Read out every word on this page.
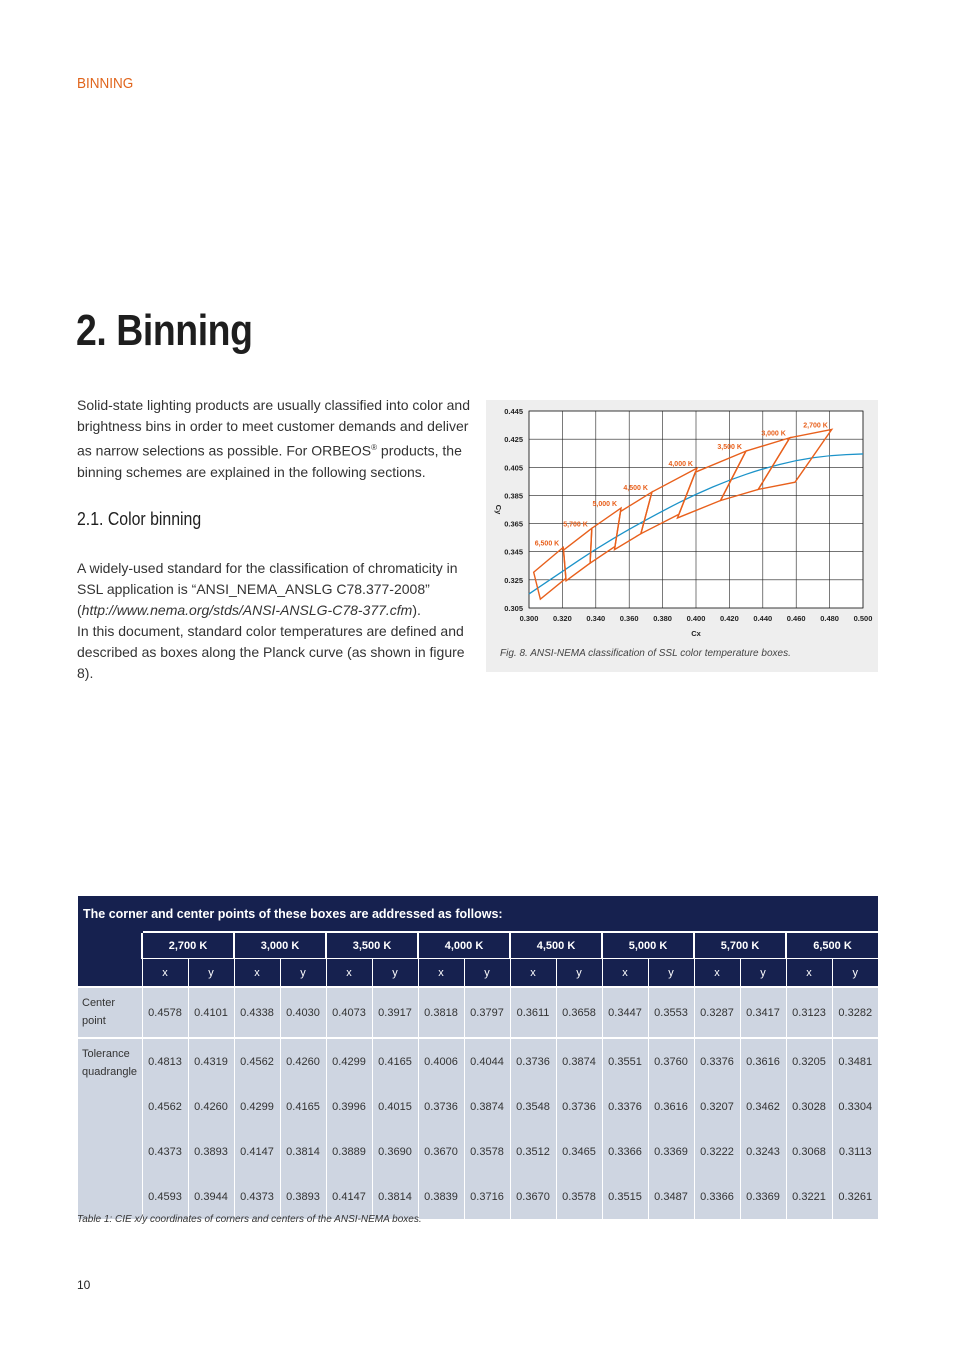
BINNING
2. Binning

Solid-state lighting products are usually classified into color and brightness bins in order to meet customer demands and deliver as narrow selections as possible. For ORBEOS® products, the binning schemes are explained in the following sections.

2.1. Color binning

A widely-used standard for the classification of chromaticity in SSL application is “ANSI_NEMA_ANSLG C78.377-2008”
(http://www.nema.org/stds/ANSI-ANSLG-C78-377.cfm).
In this document, standard color temperatures are defined and described as boxes along the Planck curve (as shown in figure 8).

0.300 0.320 0.340 0.360 0.380 0.400 0.420 0.440 0.460 0.480 0.500
0.305
0.325
0.345
0.365
0.385
0.405
0.425
0.445
Cx
Cy
2,700 K
3,000 K
3,500 K
4,000 K
4,500 K
5,000 K
5,700 K
6,500 K

Fig. 8. ANSI-NEMA classification of SSL color temperature boxes.

The corner and center points of these boxes are addressed as follows:																
	2,700 K		3,000 K		3,500 K		4,000 K		4,500 K		5,000 K		5,700 K		6,500 K	
	x	y	x	y	x	y	x	y	x	y	x	y	x	y	x	y
Center point	0.4578	0.4101	0.4338	0.4030	0.4073	0.3917	0.3818	0.3797	0.3611	0.3658	0.3447	0.3553	0.3287	0.3417	0.3123	0.3282
Tolerance quadrangle	0.4813	0.4319	0.4562	0.4260	0.4299	0.4165	0.4006	0.4044	0.3736	0.3874	0.3551	0.3760	0.3376	0.3616	0.3205	0.3481
	0.4562	0.4260	0.4299	0.4165	0.3996	0.4015	0.3736	0.3874	0.3548	0.3736	0.3376	0.3616	0.3207	0.3462	0.3028	0.3304
	0.4373	0.3893	0.4147	0.3814	0.3889	0.3690	0.3670	0.3578	0.3512	0.3465	0.3366	0.3369	0.3222	0.3243	0.3068	0.3113
	0.4593	0.3944	0.4373	0.3893	0.4147	0.3814	0.3839	0.3716	0.3670	0.3578	0.3515	0.3487	0.3366	0.3369	0.3221	0.3261

Table 1: CIE x/y coordinates of corners and centers of the ANSI-NEMA boxes.

10
